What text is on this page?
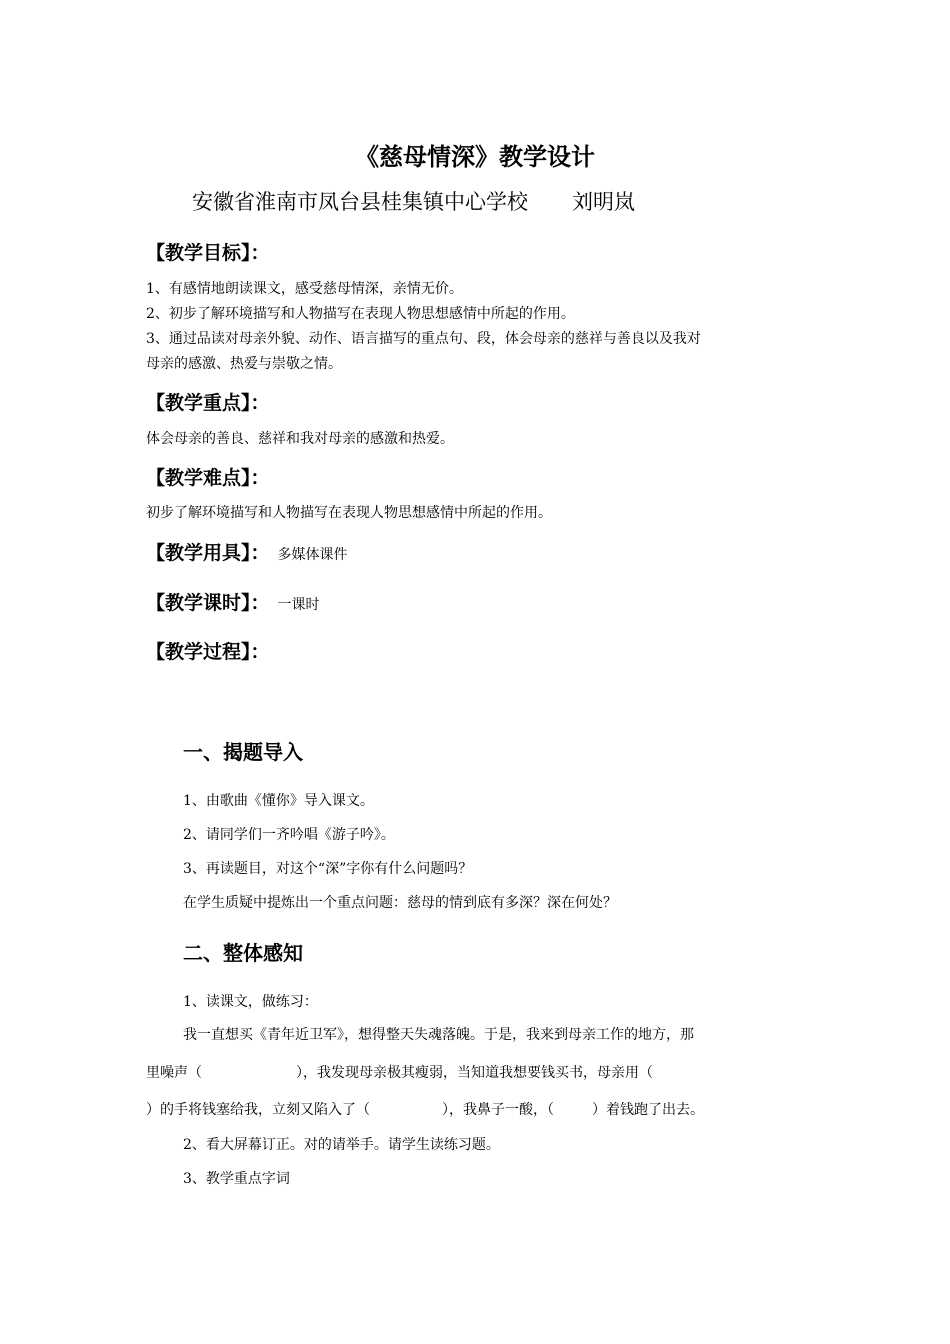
《慈母情深》教学设计
安徽省淮南市凤台县桂集镇中心学校 刘明岚
【教学目标】：
1、有感情地朗读课文，感受慈母情深，亲情无价。
2、初步了解环境描写和人物描写在表现人物思想感情中所起的作用。
3、通过品读对母亲外貌、动作、语言描写的重点句、段，体会母亲的慈祥与善良以及我对
母亲的感激、热爱与崇敬之情。
【教学重点】：
体会母亲的善良、慈祥和我对母亲的感激和热爱。
【教学难点】：
初步了解环境描写和人物描写在表现人物思想感情中所起的作用。
【教学用具】： 多媒体课件
【教学课时】： 一课时
【教学过程】：
一、揭题导入
1、由歌曲《懂你》导入课文。
2、请同学们一齐吟唱《游子吟》。
3、再读题目，对这个“深”字你有什么问题吗？
在学生质疑中提炼出一个重点问题：慈母的情到底有多深？深在何处？
二、整体感知
1、读课文，做练习：
我一直想买《青年近卫军》，想得整天失魂落魄。于是，我来到母亲工作的地方，那
里噪声（	），我发现母亲极其瘦弱，当知道我想要钱买书，母亲用（
）的手将钱塞给我，立刻又陷入了（	），我鼻子一酸，（	）着钱跑了出去。
2、看大屏幕订正。对的请举手。请学生读练习题。
3、教学重点字词
